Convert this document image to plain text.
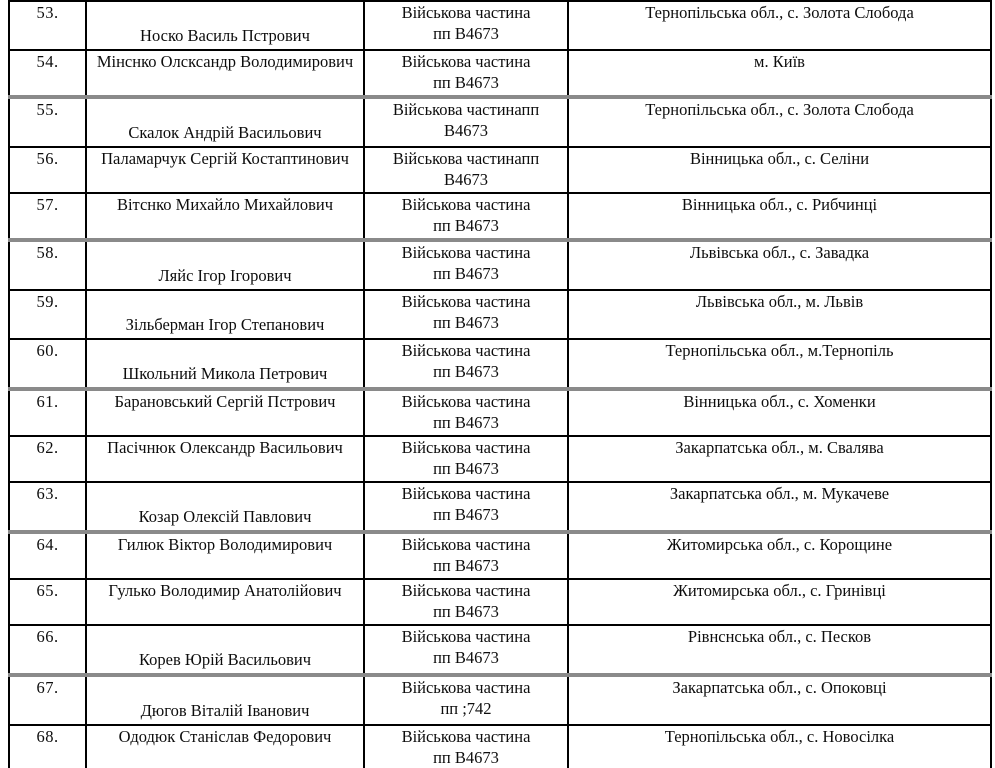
53.	Носко Василь Пстрович	Військова частина
пп В4673	Тернопільська обл., с. Золота Слобода
54.	Мінснко Олсксандр Володимирович	Військова частина
пп В4673	м. Київ
55.	Скалок Андрій Васильович	Військова частинапп
В4673	Тернопільська обл., с. Золота Слобода
56.	Паламарчук Сергій Костаптинович	Військова частинапп
В4673	Вінницька обл., с. Селіни
57.	Вітснко Михайло Михайлович	Військова частина
пп В4673	Вінницька обл., с. Рибчинці
58.	Ляйс Ігор Ігорович	Військова частина
пп В4673	Львівська обл., с. Завадка
59.	Зільберман Ігор Степанович	Військова частина
пп В4673	Львівська обл., м. Львів
60.	Школьний Микола Петрович	Військова частина
пп В4673	Тернопільська обл., м.Тернопіль
61.	Барановський Сергій Пстрович	Військова частина
пп В4673	Вінницька обл., с. Хоменки
62.	Пасічнюк Олександр Васильович	Військова частина
пп В4673	Закарпатська обл., м. Свалява
63.	Козар Олексій Павлович	Військова частина
пп В4673	Закарпатська обл., м. Мукачеве
64.	Гилюк Віктор Володимирович	Військова частина
пп В4673	Житомирська обл., с. Корощине
65.	Гулько Володимир Анатолійович	Військова частина
пп В4673	Житомирська обл., с. Гринівці
66.	Корев Юрій Васильович	Військова частина
пп В4673	Рівнснська обл., с. Песков
67.	Дюгов Віталій Іванович	Військова частина
пп ;742	Закарпатська обл., с. Опоковці
68.	Ододюк Станіслав Федорович	Військова частина
пп В4673	Тернопільська обл., с. Новосілка
